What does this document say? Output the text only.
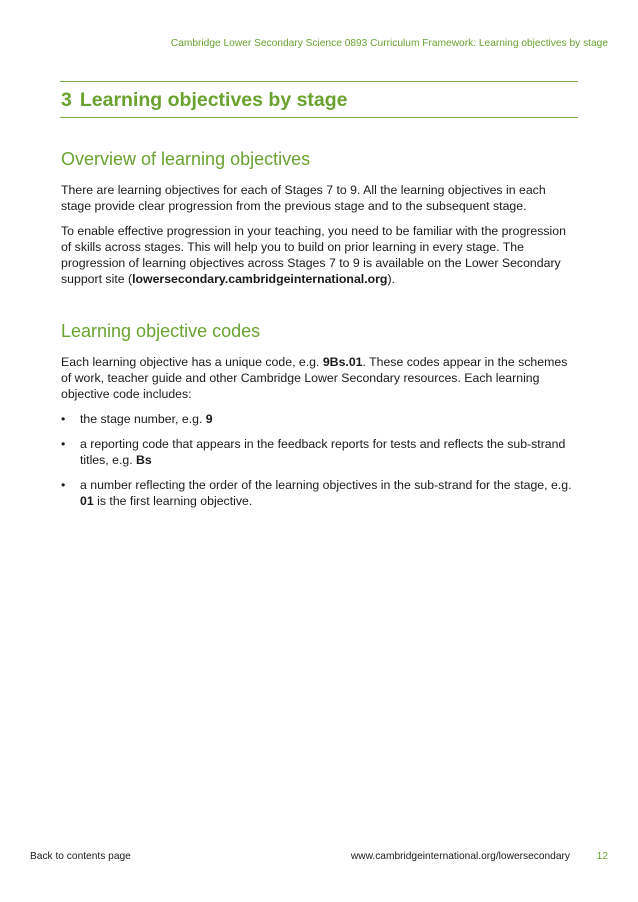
Cambridge Lower Secondary Science 0893 Curriculum Framework: Learning objectives by stage
3 Learning objectives by stage
Overview of learning objectives

There are learning objectives for each of Stages 7 to 9. All the learning objectives in each stage provide clear progression from the previous stage and to the subsequent stage.

To enable effective progression in your teaching, you need to be familiar with the progression of skills across stages. This will help you to build on prior learning in every stage. The progression of learning objectives across Stages 7 to 9 is available on the Lower Secondary support site (lowersecondary.cambridgeinternational.org).

Learning objective codes

Each learning objective has a unique code, e.g. 9Bs.01. These codes appear in the schemes of work, teacher guide and other Cambridge Lower Secondary resources. Each learning objective code includes:

• the stage number, e.g. 9
• a reporting code that appears in the feedback reports for tests and reflects the sub-strand titles, e.g. Bs
• a number reflecting the order of the learning objectives in the sub-strand for the stage, e.g. 01 is the first learning objective.
Back to contents page	www.cambridgeinternational.org/lowersecondary	12
